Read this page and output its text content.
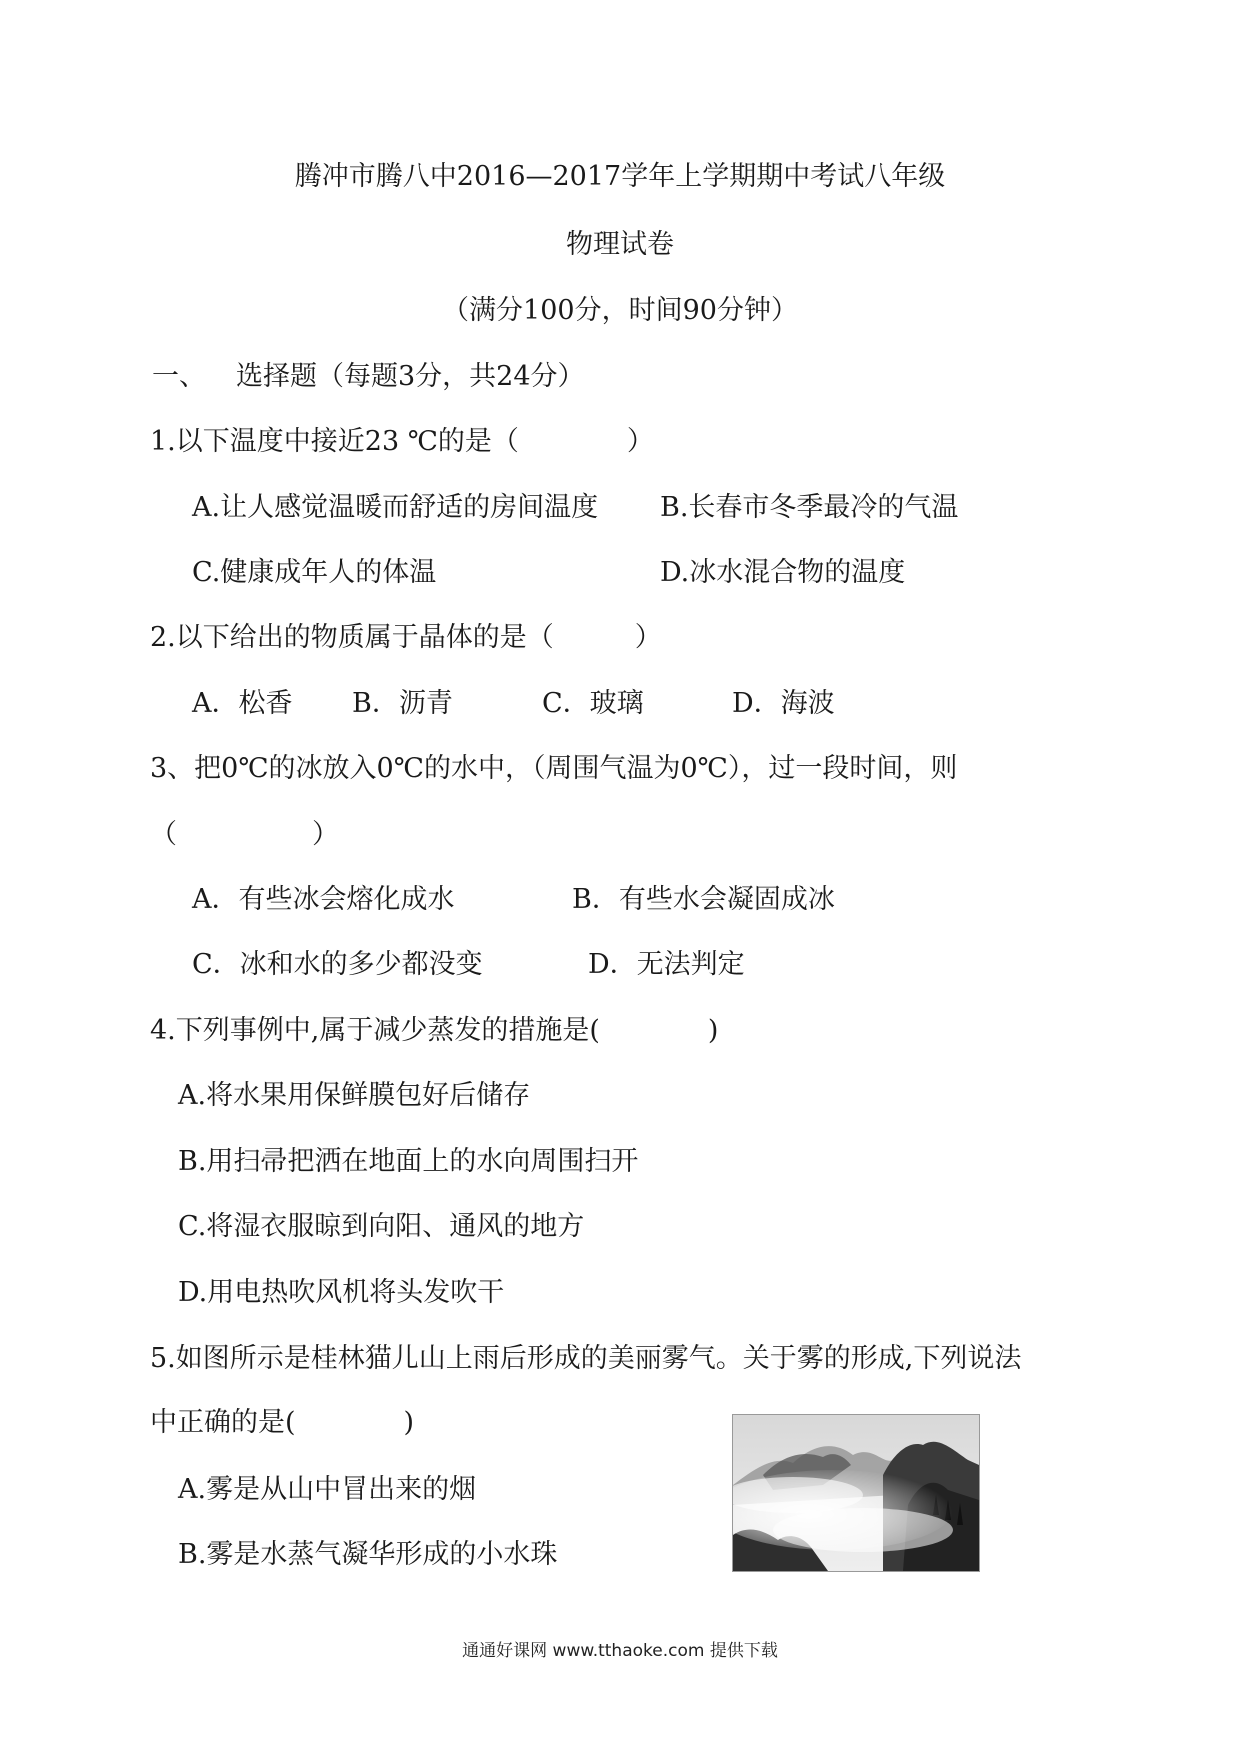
腾冲市腾八中2016—2017学年上学期期中考试八年级
物理试卷
（满分100分，时间90分钟）
一、 选择题（每题3分，共24分）
1.以下温度中接近23 ℃的是（　　　　）
A.让人感觉温暖而舒适的房间温度 B.长春市冬季最冷的气温
C.健康成年人的体温	D.冰水混合物的温度
2.以下给出的物质属于晶体的是（　　　）
A．松香 B．沥青	C．玻璃	D．海波
3、把0℃的冰放入0℃的水中，（周围气温为0℃），过一段时间，则
（　　　　　）
A．有些冰会熔化成水	B．有些水会凝固成冰
C．冰和水的多少都没变	D．无法判定
4.下列事例中,属于减少蒸发的措施是(　　　　)
A.将水果用保鲜膜包好后储存
B.用扫帚把洒在地面上的水向周围扫开
C.将湿衣服晾到向阳、通风的地方
D.用电热吹风机将头发吹干
5.如图所示是桂林猫儿山上雨后形成的美丽雾气。关于雾的形成,下列说法
中正确的是(　　　　)
A.雾是从山中冒出来的烟
B.雾是水蒸气凝华形成的小水珠
通通好课网 www.tthaoke.com 提供下载
